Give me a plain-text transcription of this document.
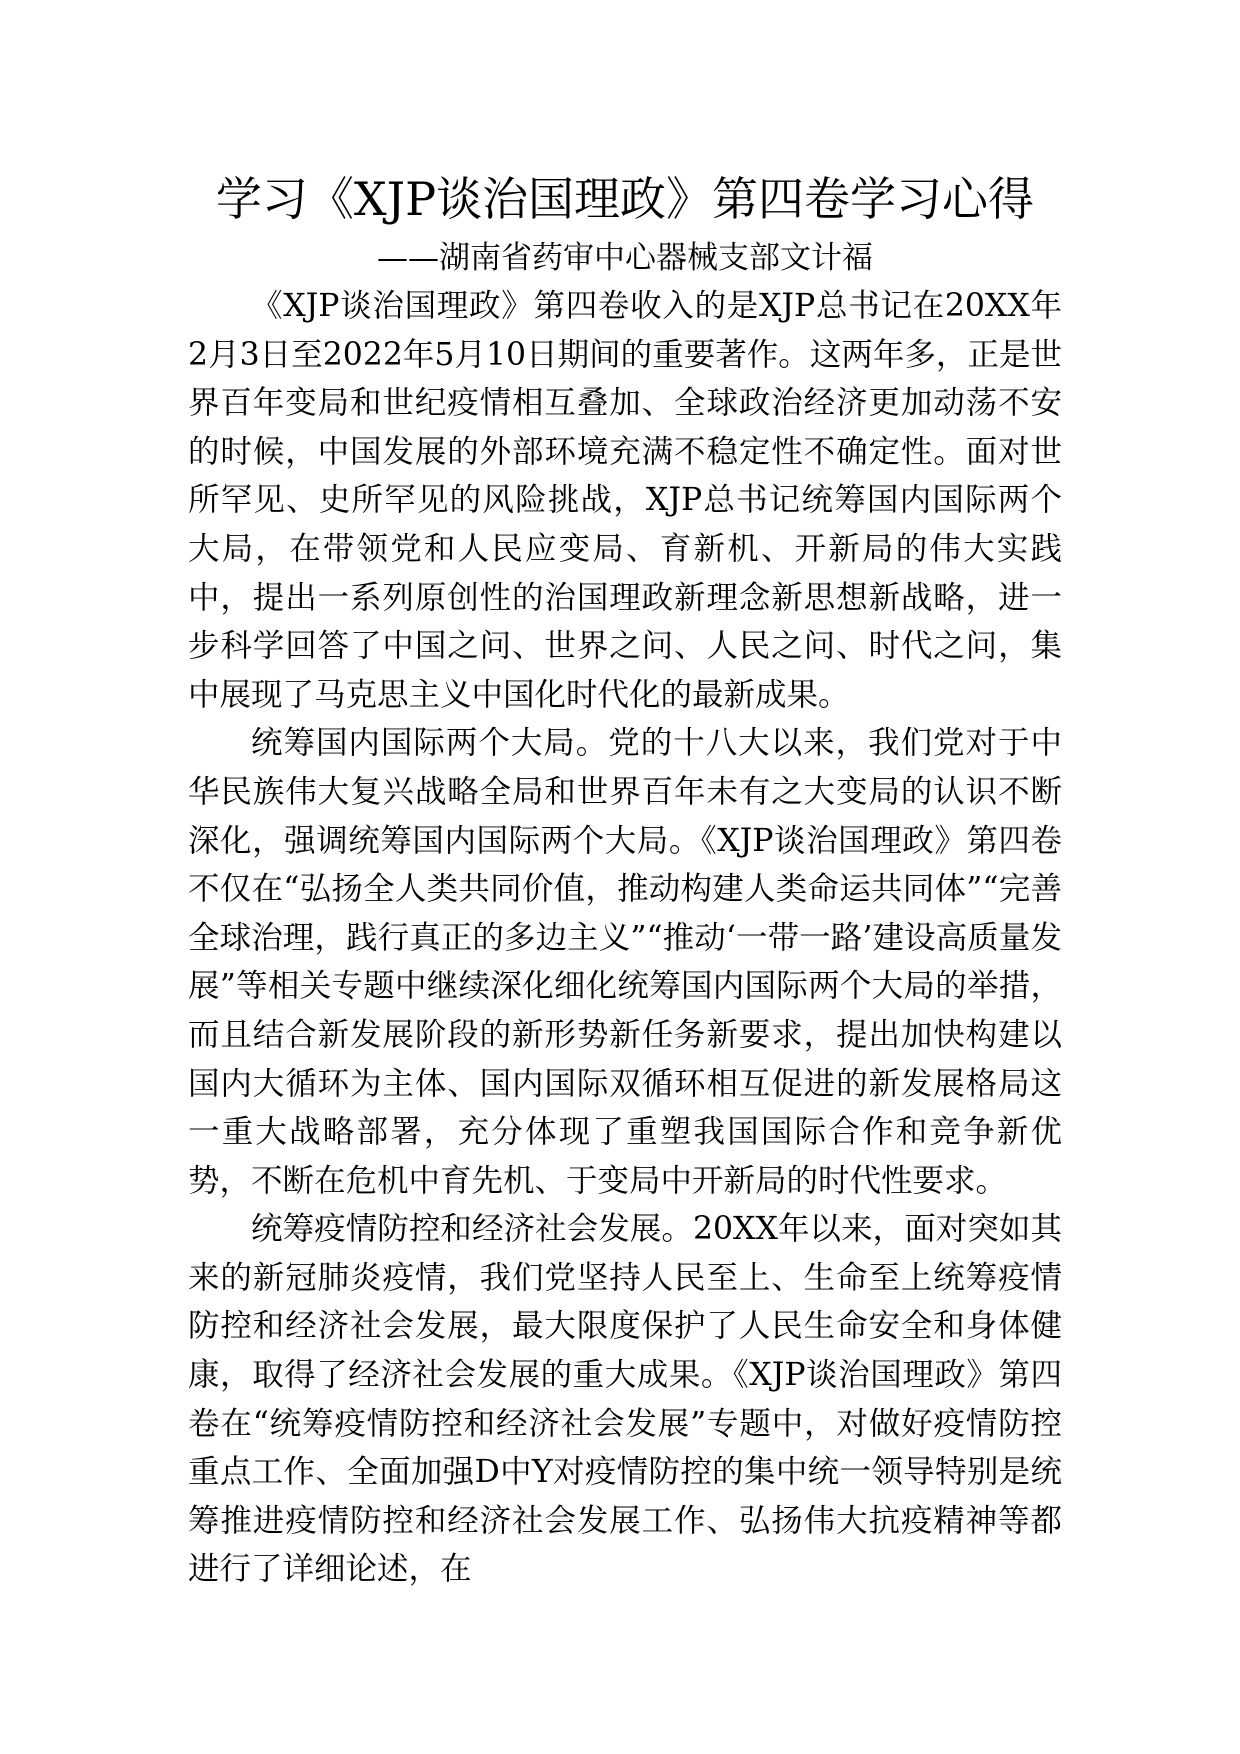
学习《XJP谈治国理政》第四卷学习心得
——湖南省药审中心器械支部文计福

《XJP谈治国理政》第四卷收入的是XJP总书记在20XX年2月3日至2022年5月10日期间的重要著作。这两年多，正是世界百年变局和世纪疫情相互叠加、全球政治经济更加动荡不安的时候，中国发展的外部环境充满不稳定性不确定性。面对世所罕见、史所罕见的风险挑战，XJP总书记统筹国内国际两个大局，在带领党和人民应变局、育新机、开新局的伟大实践中，提出一系列原创性的治国理政新理念新思想新战略，进一步科学回答了中国之问、世界之问、人民之问、时代之问，集中展现了马克思主义中国化时代化的最新成果。

统筹国内国际两个大局。党的十八大以来，我们党对于中华民族伟大复兴战略全局和世界百年未有之大变局的认识不断深化，强调统筹国内国际两个大局。《XJP谈治国理政》第四卷不仅在“弘扬全人类共同价值，推动构建人类命运共同体”“完善全球治理，践行真正的多边主义”“推动‘一带一路’建设高质量发展”等相关专题中继续深化细化统筹国内国际两个大局的举措，而且结合新发展阶段的新形势新任务新要求，提出加快构建以国内大循环为主体、国内国际双循环相互促进的新发展格局这一重大战略部署，充分体现了重塑我国国际合作和竞争新优势，不断在危机中育先机、于变局中开新局的时代性要求。

统筹疫情防控和经济社会发展。20XX年以来，面对突如其来的新冠肺炎疫情，我们党坚持人民至上、生命至上统筹疫情防控和经济社会发展，最大限度保护了人民生命安全和身体健康，取得了经济社会发展的重大成果。《XJP谈治国理政》第四卷在“统筹疫情防控和经济社会发展”专题中，对做好疫情防控重点工作、全面加强D中Y对疫情防控的集中统一领导特别是统筹推进疫情防控和经济社会发展工作、弘扬伟大抗疫精神等都进行了详细论述，在
